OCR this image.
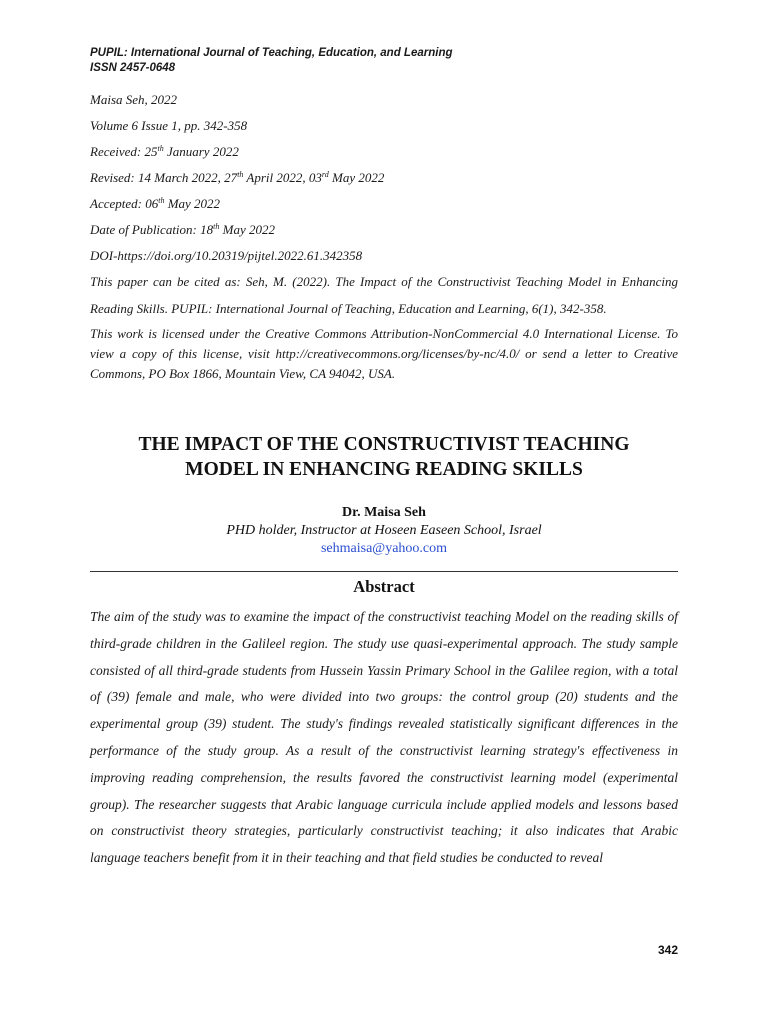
PUPIL: International Journal of Teaching, Education, and Learning
ISSN 2457-0648
Maisa Seh, 2022
Volume 6 Issue 1, pp. 342-358
Received: 25th January 2022
Revised: 14 March 2022, 27th April 2022, 03rd May 2022
Accepted: 06th May 2022
Date of Publication: 18th May 2022
DOI-https://doi.org/10.20319/pijtel.2022.61.342358

This paper can be cited as: Seh, M. (2022). The Impact of the Constructivist Teaching Model in Enhancing Reading Skills. PUPIL: International Journal of Teaching, Education and Learning, 6(1), 342-358.

This work is licensed under the Creative Commons Attribution-NonCommercial 4.0 International License. To view a copy of this license, visit http://creativecommons.org/licenses/by-nc/4.0/ or send a letter to Creative Commons, PO Box 1866, Mountain View, CA 94042, USA.

THE IMPACT OF THE CONSTRUCTIVIST TEACHING
MODEL IN ENHANCING READING SKILLS
Dr. Maisa Seh
PHD holder, Instructor at Hoseen Easeen School, Israel
sehmaisa@yahoo.com
Abstract

The aim of the study was to examine the impact of the constructivist teaching Model on the reading skills of third-grade children in the Galileel region. The study use quasi-experimental approach. The study sample consisted of all third-grade students from Hussein Yassin Primary School in the Galilee region, with a total of (39) female and male, who were divided into two groups: the control group (20) students and the experimental group (39) student. The study's findings revealed statistically significant differences in the performance of the study group. As a result of the constructivist learning strategy's effectiveness in improving reading comprehension, the results favored the constructivist learning model (experimental group). The researcher suggests that Arabic language curricula include applied models and lessons based on constructivist theory strategies, particularly constructivist teaching; it also indicates that Arabic language teachers benefit from it in their teaching and that field studies be conducted to reveal

342
